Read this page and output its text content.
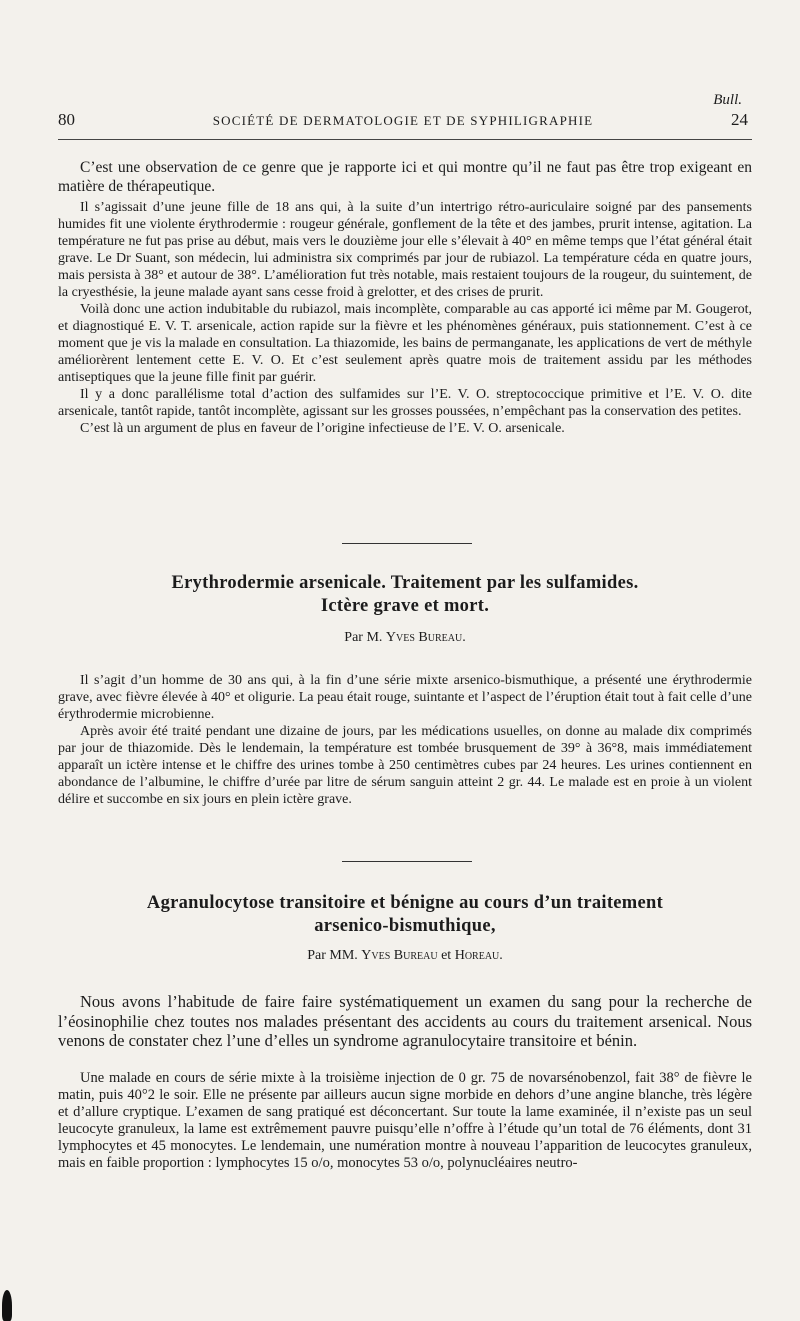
Bull.
80	SOCIÉTÉ DE DERMATOLOGIE ET DE SYPHILIGRAPHIE	24

C’est une observation de ce genre que je rapporte ici et qui montre qu’il ne faut pas être trop exigeant en matière de thérapeutique.

Il s’agissait d’une jeune fille de 18 ans qui, à la suite d’un intertrigo rétro-auriculaire soigné par des pansements humides fit une violente érythrodermie : rougeur générale, gonflement de la tête et des jambes, prurit intense, agitation. La température ne fut pas prise au début, mais vers le douzième jour elle s’élevait à 40° en même temps que l’état général était grave. Le Dr Suant, son médecin, lui administra six comprimés par jour de rubiazol. La température céda en quatre jours, mais persista à 38° et autour de 38°. L’amélioration fut très notable, mais restaient toujours de la rougeur, du suintement, de la cryesthésie, la jeune malade ayant sans cesse froid à grelotter, et des crises de prurit.

Voilà donc une action indubitable du rubiazol, mais incomplète, comparable au cas apporté ici même par M. Gougerot, et diagnostiqué E. V. T. arsenicale, action rapide sur la fièvre et les phénomènes généraux, puis stationnement. C’est à ce moment que je vis la malade en consultation. La thiazomide, les bains de permanganate, les applications de vert de méthyle améliorèrent lentement cette E. V. O. Et c’est seulement après quatre mois de traitement assidu par les méthodes antiseptiques que la jeune fille finit par guérir.

Il y a donc parallélisme total d’action des sulfamides sur l’E. V. O. streptococcique primitive et l’E. V. O. dite arsenicale, tantôt rapide, tantôt incomplète, agissant sur les grosses poussées, n’empêchant pas la conservation des petites.

C’est là un argument de plus en faveur de l’origine infectieuse de l’E. V. O. arsenicale.

Erythrodermie arsenicale. Traitement par les sulfamides.
Ictère grave et mort.
Par M. Yves Bureau.

Il s’agit d’un homme de 30 ans qui, à la fin d’une série mixte arsenico-bismuthique, a présenté une érythrodermie grave, avec fièvre élevée à 40° et oligurie. La peau était rouge, suintante et l’aspect de l’éruption était tout à fait celle d’une érythrodermie microbienne.

Après avoir été traité pendant une dizaine de jours, par les médications usuelles, on donne au malade dix comprimés par jour de thiazomide. Dès le lendemain, la température est tombée brusquement de 39° à 36°8, mais immédiatement apparaît un ictère intense et le chiffre des urines tombe à 250 centimètres cubes par 24 heures. Les urines contiennent en abondance de l’albumine, le chiffre d’urée par litre de sérum sanguin atteint 2 gr. 44. Le malade est en proie à un violent délire et succombe en six jours en plein ictère grave.

Agranulocytose transitoire et bénigne au cours d’un traitement
arsenico-bismuthique,
Par MM. Yves Bureau et Horeau.

Nous avons l’habitude de faire faire systématiquement un examen du sang pour la recherche de l’éosinophilie chez toutes nos malades présentant des accidents au cours du traitement arsenical. Nous venons de constater chez l’une d’elles un syndrome agranulocytaire transitoire et bénin.

Une malade en cours de série mixte à la troisième injection de 0 gr. 75 de novarsénobenzol, fait 38° de fièvre le matin, puis 40°2 le soir. Elle ne présente par ailleurs aucun signe morbide en dehors d’une angine blanche, très légère et d’allure cryptique. L’examen de sang pratiqué est déconcertant. Sur toute la lame examinée, il n’existe pas un seul leucocyte granuleux, la lame est extrêmement pauvre puisqu’elle n’offre à l’étude qu’un total de 76 éléments, dont 31 lymphocytes et 45 monocytes. Le lendemain, une numération montre à nouveau l’apparition de leucocytes granuleux, mais en faible proportion : lymphocytes 15 o/o, monocytes 53 o/o, polynucléaires neutro-
